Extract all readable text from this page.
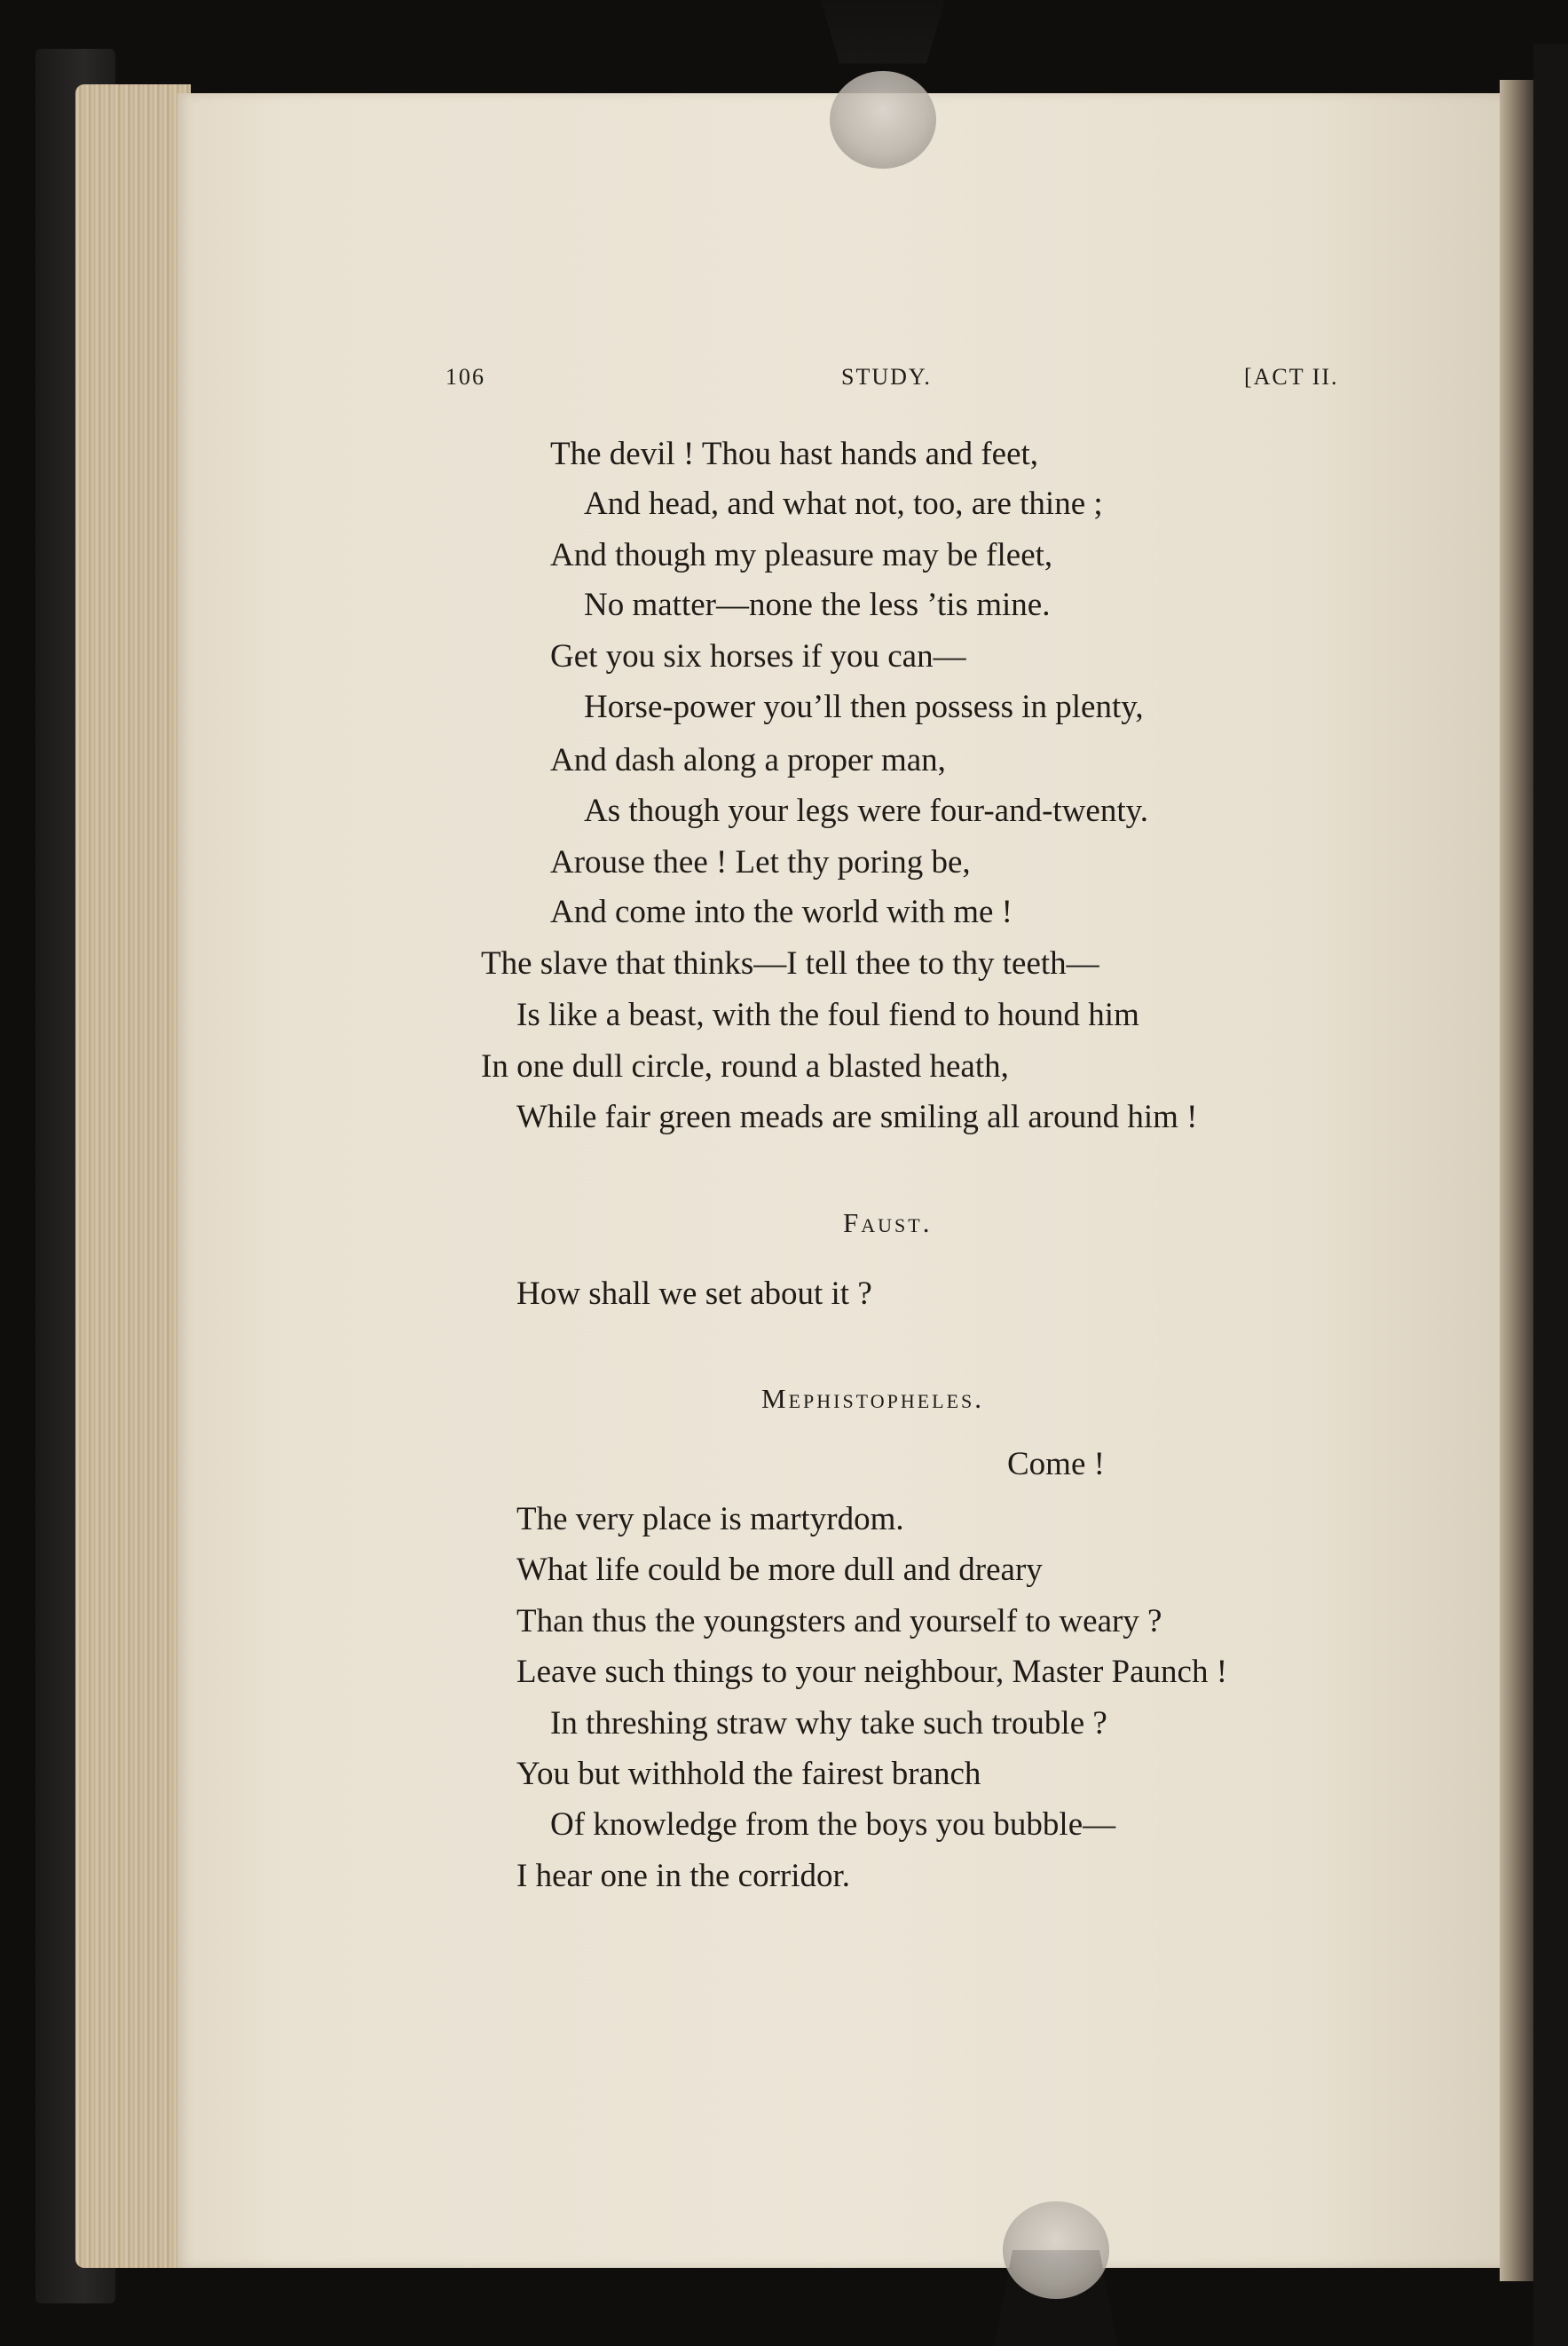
106	STUDY.	[ACT II.
The devil ! Thou hast hands and feet,
And head, and what not, too, are thine ;
And though my pleasure may be fleet,
No matter—none the less ’tis mine.
Get you six horses if you can—
Horse-power you’ll then possess in plenty,
And dash along a proper man,
As though your legs were four-and-twenty.
Arouse thee ! Let thy poring be,
And come into the world with me !
The slave that thinks—I tell thee to thy teeth—
Is like a beast, with the foul fiend to hound him
In one dull circle, round a blasted heath,
While fair green meads are smiling all around him !
Faust.
How shall we set about it ?
Mephistopheles.
Come !
The very place is martyrdom.
What life could be more dull and dreary
Than thus the youngsters and yourself to weary ?
Leave such things to your neighbour, Master Paunch !
In threshing straw why take such trouble ?
You but withhold the fairest branch
Of knowledge from the boys you bubble—
I hear one in the corridor.
